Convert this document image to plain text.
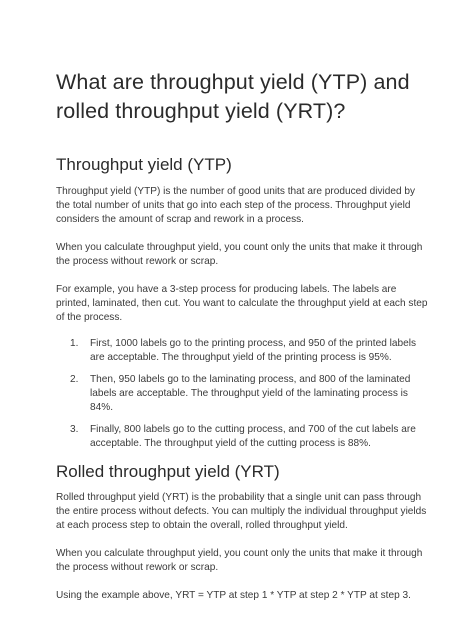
What are throughput yield (YTP) and rolled throughput yield (YRT)?
Throughput yield (YTP)

Throughput yield (YTP) is the number of good units that are produced divided by the total number of units that go into each step of the process. Throughput yield considers the amount of scrap and rework in a process.

When you calculate throughput yield, you count only the units that make it through the process without rework or scrap.

For example, you have a 3-step process for producing labels. The labels are printed, laminated, then cut. You want to calculate the throughput yield at each step of the process.

1. First, 1000 labels go to the printing process, and 950 of the printed labels are acceptable. The throughput yield of the printing process is 95%.
2. Then, 950 labels go to the laminating process, and 800 of the laminated labels are acceptable. The throughput yield of the laminating process is 84%.
3. Finally, 800 labels go to the cutting process, and 700 of the cut labels are acceptable. The throughput yield of the cutting process is 88%.
Rolled throughput yield (YRT)

Rolled throughput yield (YRT) is the probability that a single unit can pass through the entire process without defects. You can multiply the individual throughput yields at each process step to obtain the overall, rolled throughput yield.

When you calculate throughput yield, you count only the units that make it through the process without rework or scrap.

Using the example above, YRT = YTP at step 1 * YTP at step 2 * YTP at step 3.
